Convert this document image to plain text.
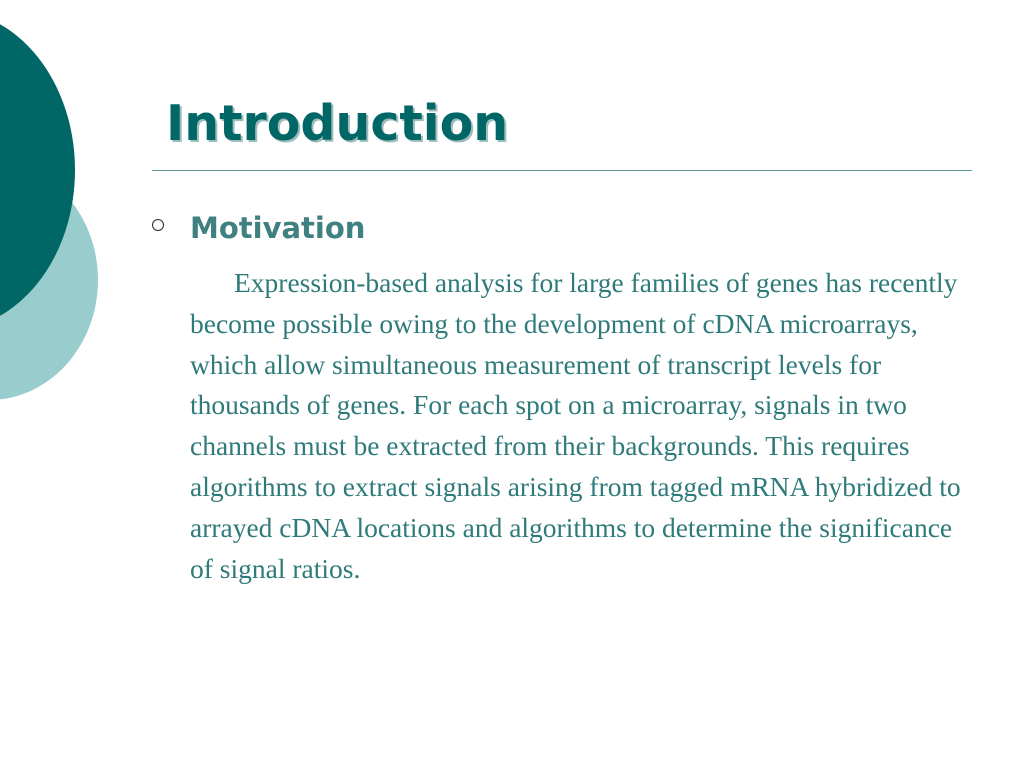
Introduction
Motivation

Expression-based analysis for large families of genes has recently become possible owing to the development of cDNA microarrays, which allow simultaneous measurement of transcript levels for thousands of genes. For each spot on a microarray, signals in two channels must be extracted from their backgrounds. This requires algorithms to extract signals arising from tagged mRNA hybridized to arrayed cDNA locations and algorithms to determine the significance of signal ratios.
